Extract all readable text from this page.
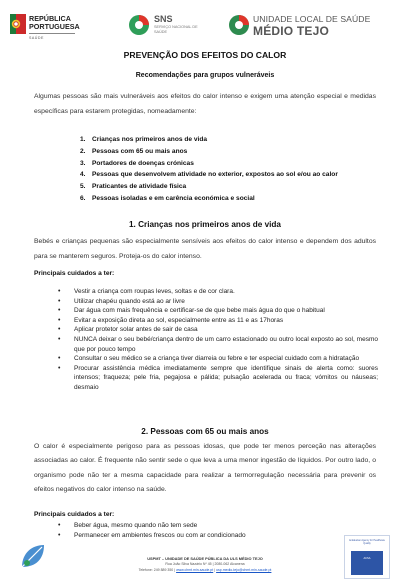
REPÚBLICA
PORTUGUESA
SAÚDE
SNS
SERVIÇO NACIONAL DE SAÚDE
UNIDADE LOCAL DE SAÚDE
MÉDIO TEJO
PREVENÇÃO DOS EFEITOS DO CALOR
Recomendações para grupos vulneráveis

Algumas pessoas são mais vulneráveis aos efeitos do calor intenso e exigem uma atenção especial e medidas específicas para estarem protegidas, nomeadamente:

1. Crianças nos primeiros anos de vida
2. Pessoas com 65 ou mais anos
3. Portadores de doenças crónicas
4. Pessoas que desenvolvem atividade no exterior, expostos ao sol e/ou ao calor
5. Praticantes de atividade física
6. Pessoas isoladas e em carência económica e social
1. Crianças nos primeiros anos de vida

Bebés e crianças pequenas são especialmente sensíveis aos efeitos do calor intenso e dependem dos adultos para se manterem seguros. Proteja-os do calor intenso.

Principais cuidados a ter:
• Vestir a criança com roupas leves, soltas e de cor clara.
• Utilizar chapéu quando está ao ar livre
• Dar água com mais frequência e certificar-se de que bebe mais água do que o habitual
• Evitar a exposição direta ao sol, especialmente entre as 11 e as 17horas
• Aplicar protetor solar antes de sair de casa
• NUNCA deixar o seu bebé/criança dentro de um carro estacionado ou outro local exposto ao sol, mesmo que por pouco tempo
• Consultar o seu médico se a criança tiver diarreia ou febre e ter especial cuidado com a hidratação
• Procurar assistência médica imediatamente sempre que identifique sinais de alerta como: suores intensos; fraqueza; pele fria, pegajosa e pálida; pulsação acelerada ou fraca; vómitos ou náuseas; desmaio
2. Pessoas com 65 ou mais anos

O calor é especialmente perigoso para as pessoas idosas, que pode ter menos perceção nas alterações associadas ao calor. É frequente não sentir sede o que leva a uma menor ingestão de líquidos. Por outro lado, o organismo pode não ter a mesma capacidade para realizar a termorregulação necessária para prevenir os efeitos negativos do calor intenso na saúde.

Principais cuidados a ter:
• Beber água, mesmo quando não tem sede
• Permanecer em ambientes frescos ou com ar condicionado
USPMT – UNIDADE DE SAÚDE PÚBLICA DA ULS MÉDIO TEJO
Rua João Silva Nazário Nº 45 | 2080-062 Alcanena
Telefone: 249 889 350 | www.chmt.min-saude.pt | usp.medio-tejo@chmt.min-saude.pt
Andalucian Agency for Healthcare Quality
ACSA
